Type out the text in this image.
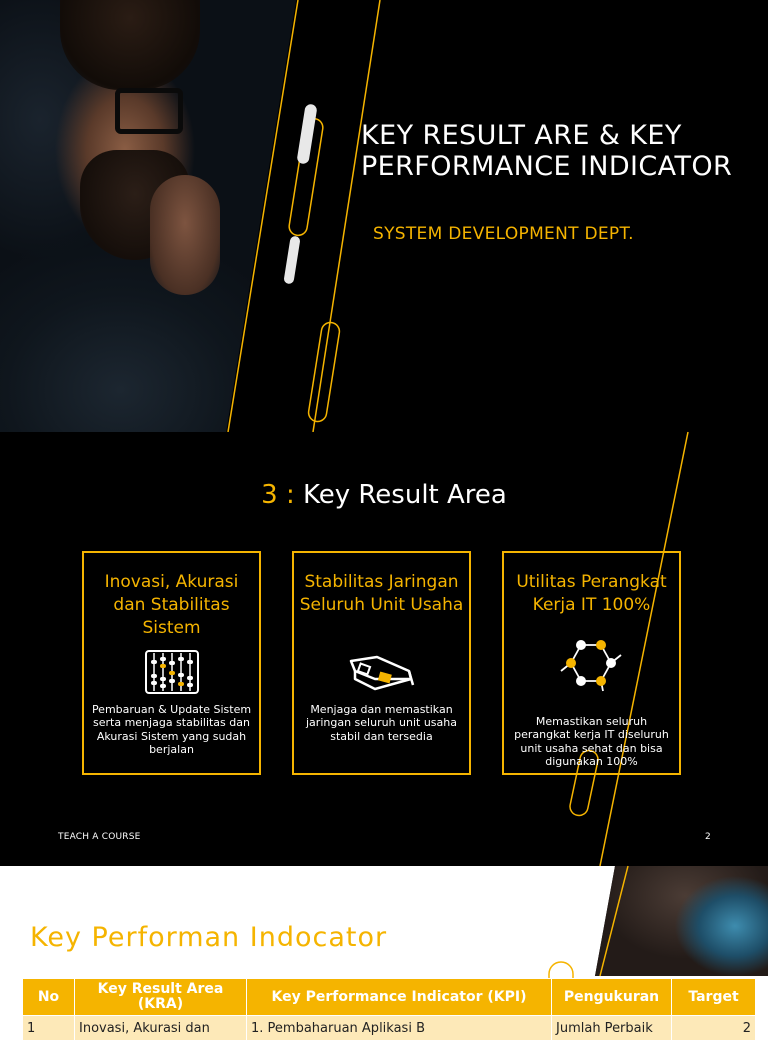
KEY RESULT ARE & KEY PERFORMANCE INDICATOR
SYSTEM DEVELOPMENT DEPT.
3 : Key Result Area
Inovasi, Akurasi dan Stabilitas Sistem
Pembaruan & Update Sistem serta menjaga stabilitas dan Akurasi Sistem yang sudah berjalan
Stabilitas Jaringan Seluruh Unit Usaha
Menjaga dan memastikan jaringan seluruh unit usaha stabil dan tersedia
Utilitas Perangkat Kerja IT 100%
Memastikan seluruh perangkat kerja IT diseluruh unit usaha sehat dan bisa digunakan 100%
TEACH A COURSE	2
Key Performan Indocator
No	Key Result Area (KRA)	Key Performance Indicator (KPI)	Pengukuran	Target
1	Inovasi, Akurasi dan	1. Pembaharuan Aplikasi B	Jumlah Perbaik	2
